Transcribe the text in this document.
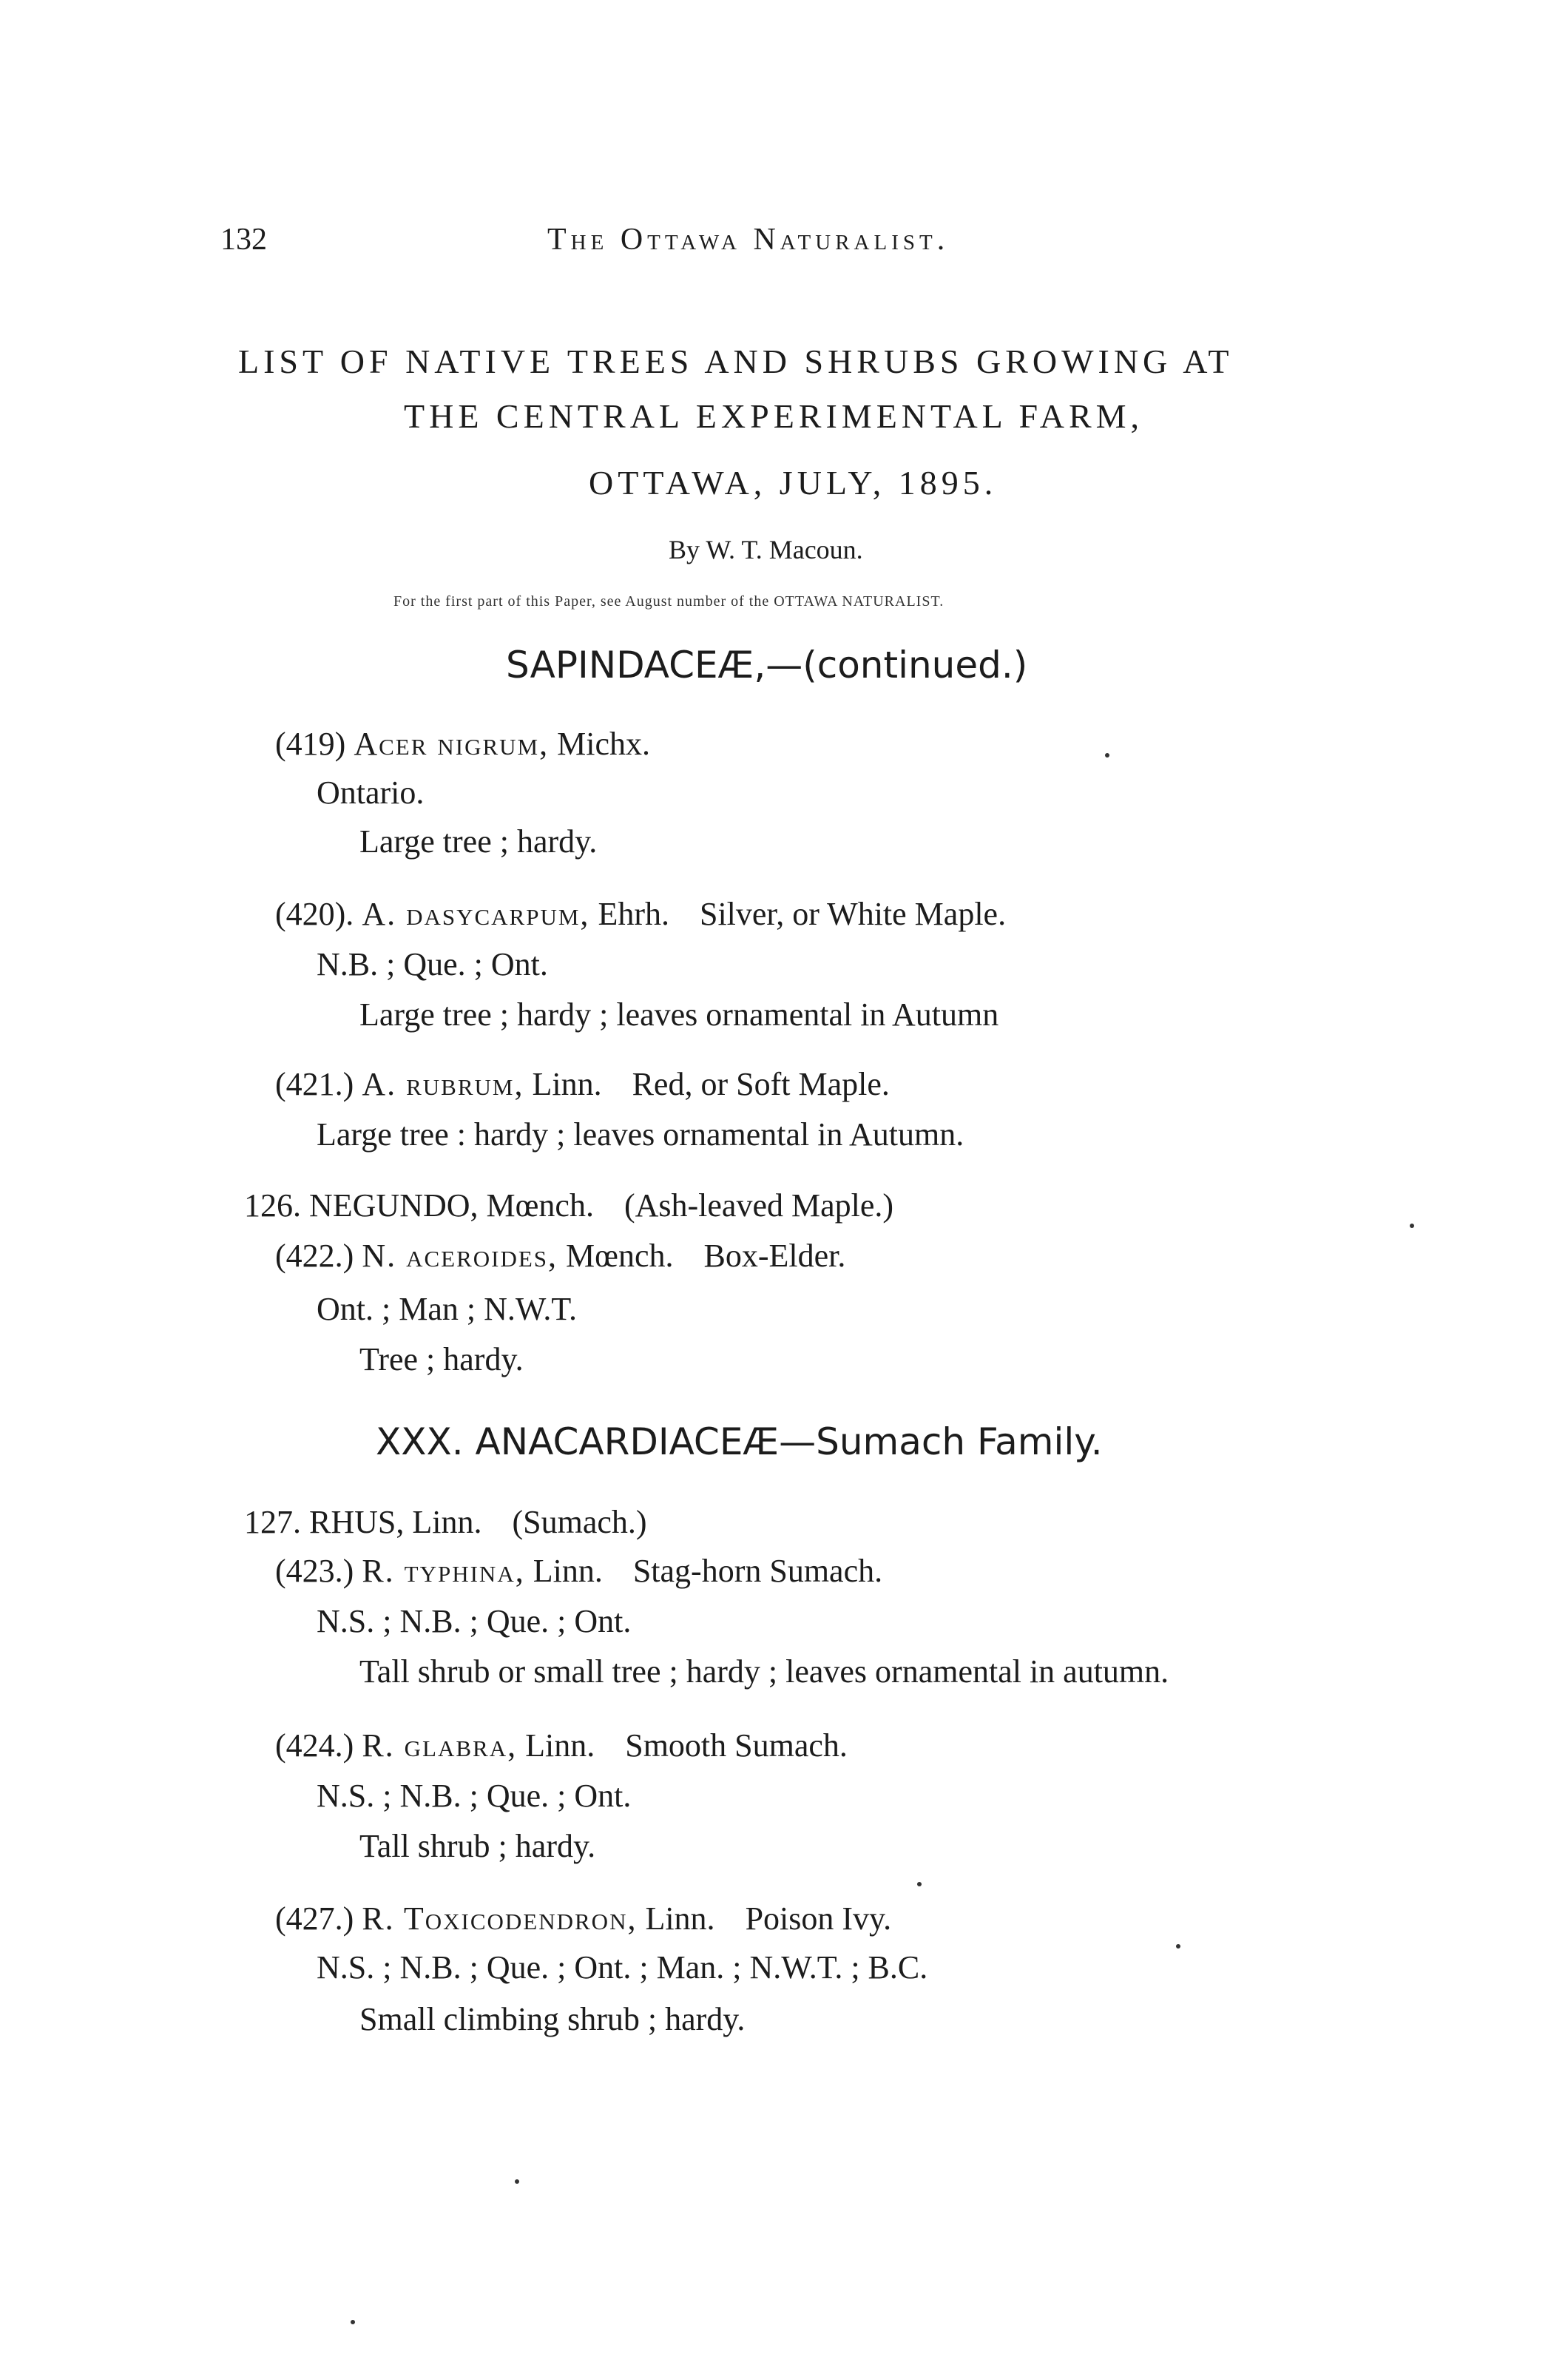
132	The Ottawa Naturalist.
LIST OF NATIVE TREES AND SHRUBS GROWING AT
THE CENTRAL EXPERIMENTAL FARM,
OTTAWA, JULY, 1895.
By W. T. Macoun.
For the first part of this Paper, see August number of the OTTAWA NATURALIST.
SAPINDACEÆ,—(continued.)
(419) Acer nigrum, Michx.
Ontario.
Large tree ; hardy.
(420). A. dasycarpum, Ehrh. Silver, or White Maple.
N.B. ; Que. ; Ont.
Large tree ; hardy ; leaves ornamental in Autumn
(421.) A. rubrum, Linn. Red, or Soft Maple.
Large tree : hardy ; leaves ornamental in Autumn.
126. NEGUNDO, Mœnch. (Ash-leaved Maple.)
(422.) N. aceroides, Mœnch. Box-Elder.
Ont. ; Man ; N.W.T.
Tree ; hardy.
XXX. ANACARDIACEÆ—Sumach Family.
127. RHUS, Linn. (Sumach.)
(423.) R. typhina, Linn. Stag-horn Sumach.
N.S. ; N.B. ; Que. ; Ont.
Tall shrub or small tree ; hardy ; leaves ornamental in autumn.
(424.) R. glabra, Linn. Smooth Sumach.
N.S. ; N.B. ; Que. ; Ont.
Tall shrub ; hardy.
(427.) R. Toxicodendron, Linn. Poison Ivy.
N.S. ; N.B. ; Que. ; Ont. ; Man. ; N.W.T. ; B.C.
Small climbing shrub ; hardy.
